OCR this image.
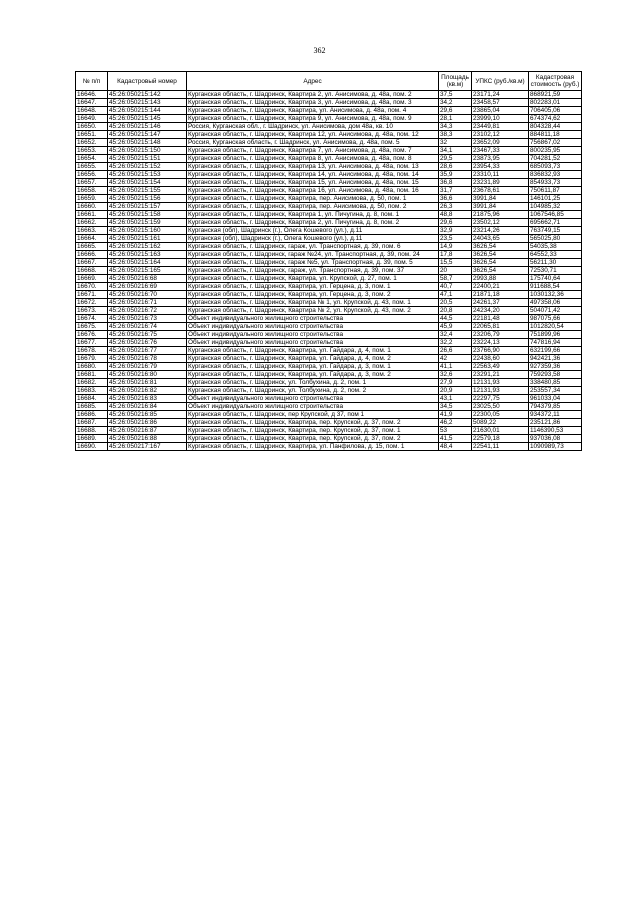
362
№ п/п	Кадастровый номер	Адрес	Площадь (кв.м)	УПКС (руб./кв.м)	Кадастровая стоимость (руб.)
16646.	45:26:050215:142	Курганская область, г. Шадринск, Квартира 2, ул. Анисимова, д. 48а, пом. 2	37,5	23171,24	868921,59
16647.	45:26:050215:143	Курганская область, г. Шадринск, Квартира 3, ул. Анисимова, д. 48а, пом. 3	34,2	23458,57	802283,01
16648.	45:26:050215:144	Курганская область, г. Шадринск, Квартира, ул. Анисимова, д. 48а, пом. 4	29,6	23865,04	706405,06
16649.	45:26:050215:145	Курганская область, г. Шадринск, Квартира 9, ул. Анисимова, д. 48а, пом. 9	28,1	23999,10	674374,62
16650.	45:26:050215:146	Россия, Курганская обл., г. Шадринск, ул. Анисимова, дом 48а, кв. 10	34,3	23449,81	804328,44
16651.	45:26:050215:147	Курганская область, г. Шадринск, Квартира 12, ул. Анисимова, д. 48а, пом. 12	38,3	23102,12	884811,18
16652.	45:26:050215:148	Россия, Курганская область, г. Шадринск, ул. Анисимова, д. 48а, пом. 5	32	23652,09	756867,02
16653.	45:26:050215:150	Курганская область, г. Шадринск, Квартира 7, ул. Анисимова, д. 48а, пом. 7	34,1	23467,33	800235,95
16654.	45:26:050215:151	Курганская область, г. Шадринск, Квартира 8, ул. Анисимова, д. 48а, пом. 8	29,5	23873,95	704281,52
16655.	45:26:050215:152	Курганская область, г. Шадринск, Квартира 13, ул. Анисимова, д. 48а, пом. 13	28,6	23954,33	685093,73
16656.	45:26:050215:153	Курганская область, г. Шадринск, Квартира 14, ул. Анисимова, д. 48а, пом. 14	35,9	23310,11	836832,93
16657.	45:26:050215:154	Курганская область, г. Шадринск, Квартира 15, ул. Анисимова, д. 48а, пом. 15	36,8	23231,89	854933,73
16658.	45:26:050215:155	Курганская область, г. Шадринск, Квартира 16, ул. Анисимова, д. 48а, пом. 16	31,7	23678,61	750611,87
16659.	45:26:050215:156	Курганская область, г. Шадринск, Квартира, пер. Анисимова, д. 50, пом. 1	36,6	3991,84	146101,25
16660.	45:26:050215:157	Курганская область, г. Шадринск, Квартира, пер. Анисимова, д. 50, пом. 2	26,3	3991,84	104985,32
16661.	45:26:050215:158	Курганская область, г. Шадринск, Квартира 1, ул. Пичугина, д. 8, пом. 1	48,8	21875,96	1067546,85
16662.	45:26:050215:159	Курганская область, г. Шадринск, Квартира 2, ул. Пичугина, д. 8, пом. 2	29,6	23502,12	695662,71
16663.	45:26:050215:160	Курганская (обл), Шадринск (г.), Олега Кошевого (ул.), д.11	32,9	23214,26	763749,15
16664.	45:26:050215:161	Курганская (обл), Шадринск (г.), Олега Кошевого (ул.), д.11	23,5	24043,65	565025,80
16665.	45:26:050215:162	Курганская область, г. Шадринск, гараж, ул. Транспортная, д. 39, пом. 6	14,9	3626,54	54035,38
16666.	45:26:050215:163	Курганская область, г. Шадринск, гараж №24, ул. Транспортная, д. 39, пом. 24	17,8	3626,54	64552,33
16667.	45:26:050215:164	Курганская область, г. Шадринск, гараж №5, ул. Транспортная, д. 39, пом. 5	15,5	3626,54	56211,30
16668.	45:26:050215:165	Курганская область, г. Шадринск, гараж, ул. Транспортная, д. 39, пом. 37	20	3626,54	72530,71
16669.	45:26:050216:68	Курганская область, г. Шадринск, Квартира, ул. Крупской, д. 27, пом. 1	58,7	2993,88	175740,64
16670.	45:26:050216:69	Курганская область, г. Шадринск, Квартира, ул. Герцена, д. 3, пом. 1	40,7	22400,21	911688,54
16671.	45:26:050216:70	Курганская область, г. Шадринск, Квартира, ул. Герцена, д. 3, пом. 2	47,1	21871,18	1030132,36
16672.	45:26:050216:71	Курганская область, г. Шадринск, Квартира № 1, ул. Крупской, д. 43, пом. 1	20,5	24261,37	497358,06
16673.	45:26:050216:72	Курганская область, г. Шадринск, Квартира № 2, ул. Крупской, д. 43, пом. 2	20,8	24234,20	504071,42
16674.	45:26:050216:73	Объект индивидуального жилищного строительства	44,5	22181,48	987075,66
16675.	45:26:050216:74	Объект индивидуального жилищного строительства	45,9	22065,81	1012820,54
16676.	45:26:050216:75	Объект индивидуального жилищного строительства	32,4	23206,79	751899,96
16677.	45:26:050216:76	Объект индивидуального жилищного строительства	32,2	23224,13	747816,94
16678.	45:26:050216:77	Курганская область, г. Шадринск, Квартира, ул. Гайдара, д. 4, пом. 1	26,6	23766,90	632199,66
16679.	45:26:050216:78	Курганская область, г. Шадринск, Квартира, ул. Гайдара, д. 4, пом. 2	42	22438,60	942421,36
16680.	45:26:050216:79	Курганская область, г. Шадринск, Квартира, ул. Гайдара, д. 3, пом. 1	41,1	22563,49	927359,36
16681.	45:26:050216:80	Курганская область, г. Шадринск, Квартира, ул. Гайдара, д. 3, пом. 2	32,6	23291,21	759293,58
16682.	45:26:050216:81	Курганская область, г. Шадринск, ул. Толбухина, д. 2, пом. 1	27,9	12131,93	338480,85
16683.	45:26:050216:82	Курганская область, г. Шадринск, ул. Толбухина, д. 2, пом. 2	20,9	12131,93	253557,34
16684.	45:26:050216:83	Объект индивидуального жилищного строительства	43,1	22297,75	961033,04
16685.	45:26:050216:84	Объект индивидуального жилищного строительства	34,5	23025,50	794379,85
16686.	45:26:050216:85	Курганская область, г. Шадринск, пер Крупской, д 37, пом 1	41,9	22300,05	934372,11
16687.	45:26:050216:86	Курганская область, г. Шадринск, Квартира, пер. Крупской, д. 37, пом. 2	46,2	5089,22	235121,86
16688.	45:26:050216:87	Курганская область, г. Шадринск, Квартира, пер. Крупской, д. 37, пом. 1	53	21630,01	1146390,53
16689.	45:26:050216:88	Курганская область, г. Шадринск, Квартира, пер. Крупской, д. 37, пом. 2	41,5	22579,18	937036,08
16690.	45:26:050217:167	Курганская область, г. Шадринск, Квартира, ул. Панфилова, д. 15, пом. 1	48,4	22541,11	1090989,73
